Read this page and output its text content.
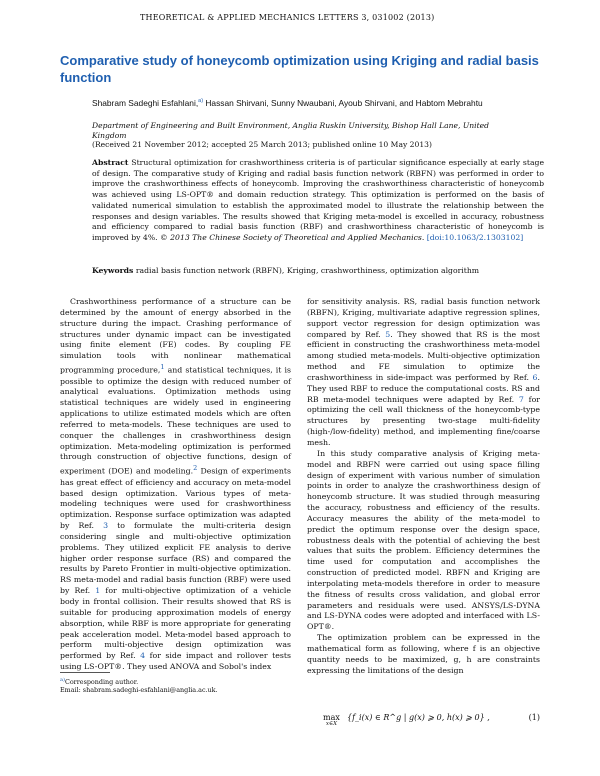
THEORETICAL & APPLIED MECHANICS LETTERS 3, 031002 (2013)
Comparative study of honeycomb optimization using Kriging and radial basis function
Shabram Sadeghi Esfahlani,$^{a)}$ Hassan Shirvani, Sunny Nwaubani, Ayoub Shirvani, and Habtom Mebrahtu
Department of Engineering and Built Environment, Anglia Ruskin University, Bishop Hall Lane, United Kingdom
(Received 21 November 2012; accepted 25 March 2013; published online 10 May 2013)

Abstract Structural optimization for crashworthiness criteria is of particular significance especially at early stage of design. The comparative study of Kriging and radial basis function network (RBFN) was performed in order to improve the crashworthiness effects of honeycomb. Improving the crashworthiness characteristic of honeycomb was achieved using LS-OPT® and domain reduction strategy. This optimization is performed on the basis of validated numerical simulation to establish the approximated model to illustrate the relationship between the responses and design variables. The results showed that Kriging meta-model is excelled in accuracy, robustness and efficiency compared to radial basis function (RBF) and crashworthiness characteristic of honeycomb is improved by 4%. © 2013 The Chinese Society of Theoretical and Applied Mechanics. [doi:10.1063/2.1303102]

Keywords radial basis function network (RBFN), Kriging, crashworthiness, optimization algorithm

Crashworthiness performance of a structure can be determined by the amount of energy absorbed in the structure during the impact. Crashing performance of structures under dynamic impact can be investigated using finite element (FE) codes. By coupling FE simulation tools with nonlinear mathematical programming procedure,$^1$ and statistical techniques, it is possible to optimize the design with reduced number of analytical evaluations. Optimization methods using statistical techniques are widely used in engineering applications to utilize estimated models which are often referred to meta-models. These techniques are used to conquer the challenges in crashworthiness design optimization. Meta-modeling optimization is performed through construction of objective functions, design of experiment (DOE) and modeling.$^2$ Design of experiments has great effect of efficiency and accuracy on meta-model based design optimization. Various types of meta-modeling techniques were used for crashworthiness optimization. Response surface optimization was adapted by Ref. 3 to formulate the multi-criteria design considering single and multi-objective optimization problems. They utilized explicit FE analysis to derive higher order response surface (RS) and compared the results by Pareto Frontier in multi-objective optimization. RS meta-model and radial basis function (RBF) were used by Ref. 1 for multi-objective optimization of a vehicle body in frontal collision. Their results showed that RS is suitable for producing approximation models of energy absorption, while RBF is more appropriate for generating peak acceleration model. Meta-model based approach to perform multi-objective design optimization was performed by Ref. 4 for side impact and rollover tests using LS-OPT®. They used ANOVA and Sobol's index

for sensitivity analysis. RS, radial basis function network (RBFN), Kriging, multivariate adaptive regression splines, support vector regression for design optimization was compared by Ref. 5. They showed that RS is the most efficient in constructing the crashworthiness meta-model among studied meta-models. Multi-objective optimization method and FE simulation to optimize the crashworthiness in side-impact was performed by Ref. 6. They used RBF to reduce the computational costs. RS and RB meta-model techniques were adapted by Ref. 7 for optimizing the cell wall thickness of the honeycomb-type structures by presenting two-stage multi-fidelity (high-/low-fidelity) method, and implementing fine/coarse mesh.

In this study comparative analysis of Kriging meta-model and RBFN were carried out using space filling design of experiment with various number of simulation points in order to analyze the crashworthiness design of honeycomb structure. It was studied through measuring the accuracy, robustness and efficiency of the results. Accuracy measures the ability of the meta-model to predict the optimum response over the design space, robustness deals with the potential of achieving the best values that suits the problem. Efficiency determines the time used for computation and accomplishes the construction of predicted model. RBFN and Kriging are interpolating meta-models therefore in order to measure the fitness of results cross validation, and global error parameters and residuals were used. ANSYS/LS-DYNA and LS-DYNA codes were adopted and interfaced with LS-OPT®.

The optimization problem can be expressed in the mathematical form as following, where f is an objective quantity needs to be maximized, g, h are constraints expressing the limitations of the design

$^{a)}$Corresponding author.
Email: shabram.sadeghi-esfahlani@anglia.ac.uk.
max
x∈X
{f_i(x) ∈ R^g | g(x) ⩾ 0, h(x) ⩾ 0} ,	(1)
